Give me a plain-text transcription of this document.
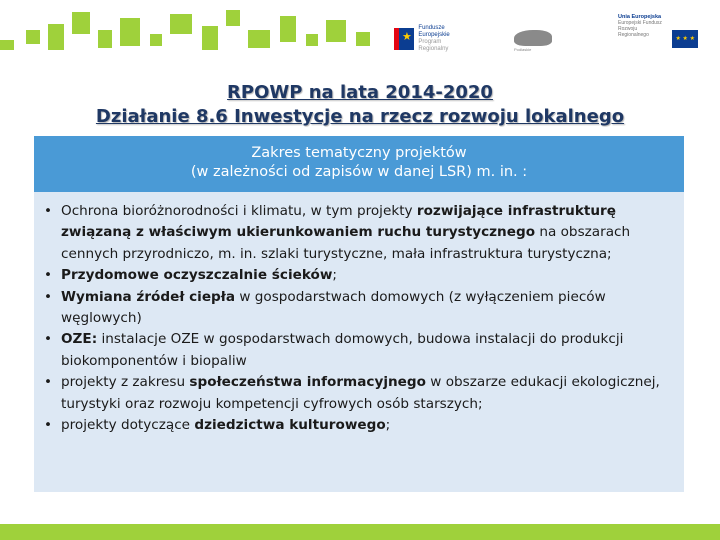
★
Fundusze
Europejskie
Program Regionalny	Podlaskie
Unia Europejska
Europejski Fundusz
Rozwoju Regionalnego
★ ★ ★
RPOWP na lata 2014-2020
Działanie 8.6 Inwestycje na rzecz rozwoju lokalnego
Zakres tematyczny projektów
(w zależności od zapisów w danej LSR) m. in. :
• Ochrona bioróżnorodności i klimatu, w tym projekty rozwijające infrastrukturę związaną z właściwym ukierunkowaniem ruchu turystycznego na obszarach cennych przyrodniczo, m. in. szlaki turystyczne, mała infrastruktura turystyczna;
• Przydomowe oczyszczalnie ścieków;
• Wymiana źródeł ciepła w gospodarstwach domowych (z wyłączeniem pieców węglowych)
• OZE: instalacje OZE w gospodarstwach domowych, budowa instalacji do produkcji biokomponentów i biopaliw
• projekty z zakresu społeczeństwa informacyjnego w obszarze edukacji ekologicznej, turystyki oraz rozwoju kompetencji cyfrowych osób starszych;
• projekty dotyczące dziedzictwa kulturowego;
